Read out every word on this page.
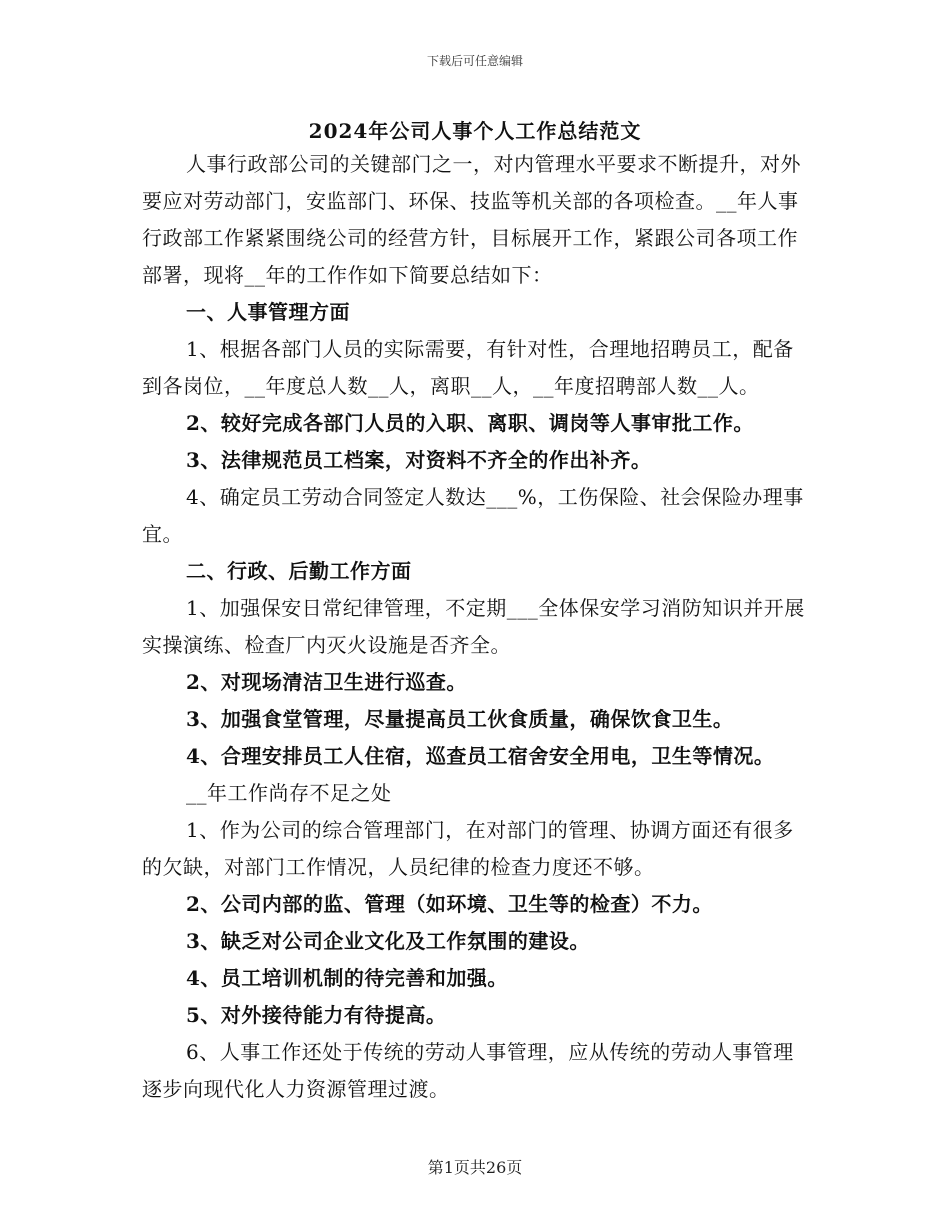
下载后可任意编辑
2024年公司人事个人工作总结范文

人事行政部公司的关键部门之一，对内管理水平要求不断提升，对外要应对劳动部门，安监部门、环保、技监等机关部的各项检查。__年人事行政部工作紧紧围绕公司的经营方针，目标展开工作，紧跟公司各项工作部署，现将__年的工作作如下简要总结如下：

一、人事管理方面

1、根据各部门人员的实际需要，有针对性，合理地招聘员工，配备到各岗位，__年度总人数__人，离职__人，__年度招聘部人数__人。

2、较好完成各部门人员的入职、离职、调岗等人事审批工作。

3、法律规范员工档案，对资料不齐全的作出补齐。

4、确定员工劳动合同签定人数达___%，工伤保险、社会保险办理事宜。

二、行政、后勤工作方面

1、加强保安日常纪律管理，不定期___全体保安学习消防知识并开展实操演练、检查厂内灭火设施是否齐全。

2、对现场清洁卫生进行巡查。

3、加强食堂管理，尽量提高员工伙食质量，确保饮食卫生。

4、合理安排员工人住宿，巡查员工宿舍安全用电，卫生等情况。

__年工作尚存不足之处

1、作为公司的综合管理部门，在对部门的管理、协调方面还有很多的欠缺，对部门工作情况，人员纪律的检查力度还不够。

2、公司内部的监、管理（如环境、卫生等的检查）不力。

3、缺乏对公司企业文化及工作氛围的建设。

4、员工培训机制的待完善和加强。

5、对外接待能力有待提高。

6、人事工作还处于传统的劳动人事管理，应从传统的劳动人事管理逐步向现代化人力资源管理过渡。

第1页共26页
